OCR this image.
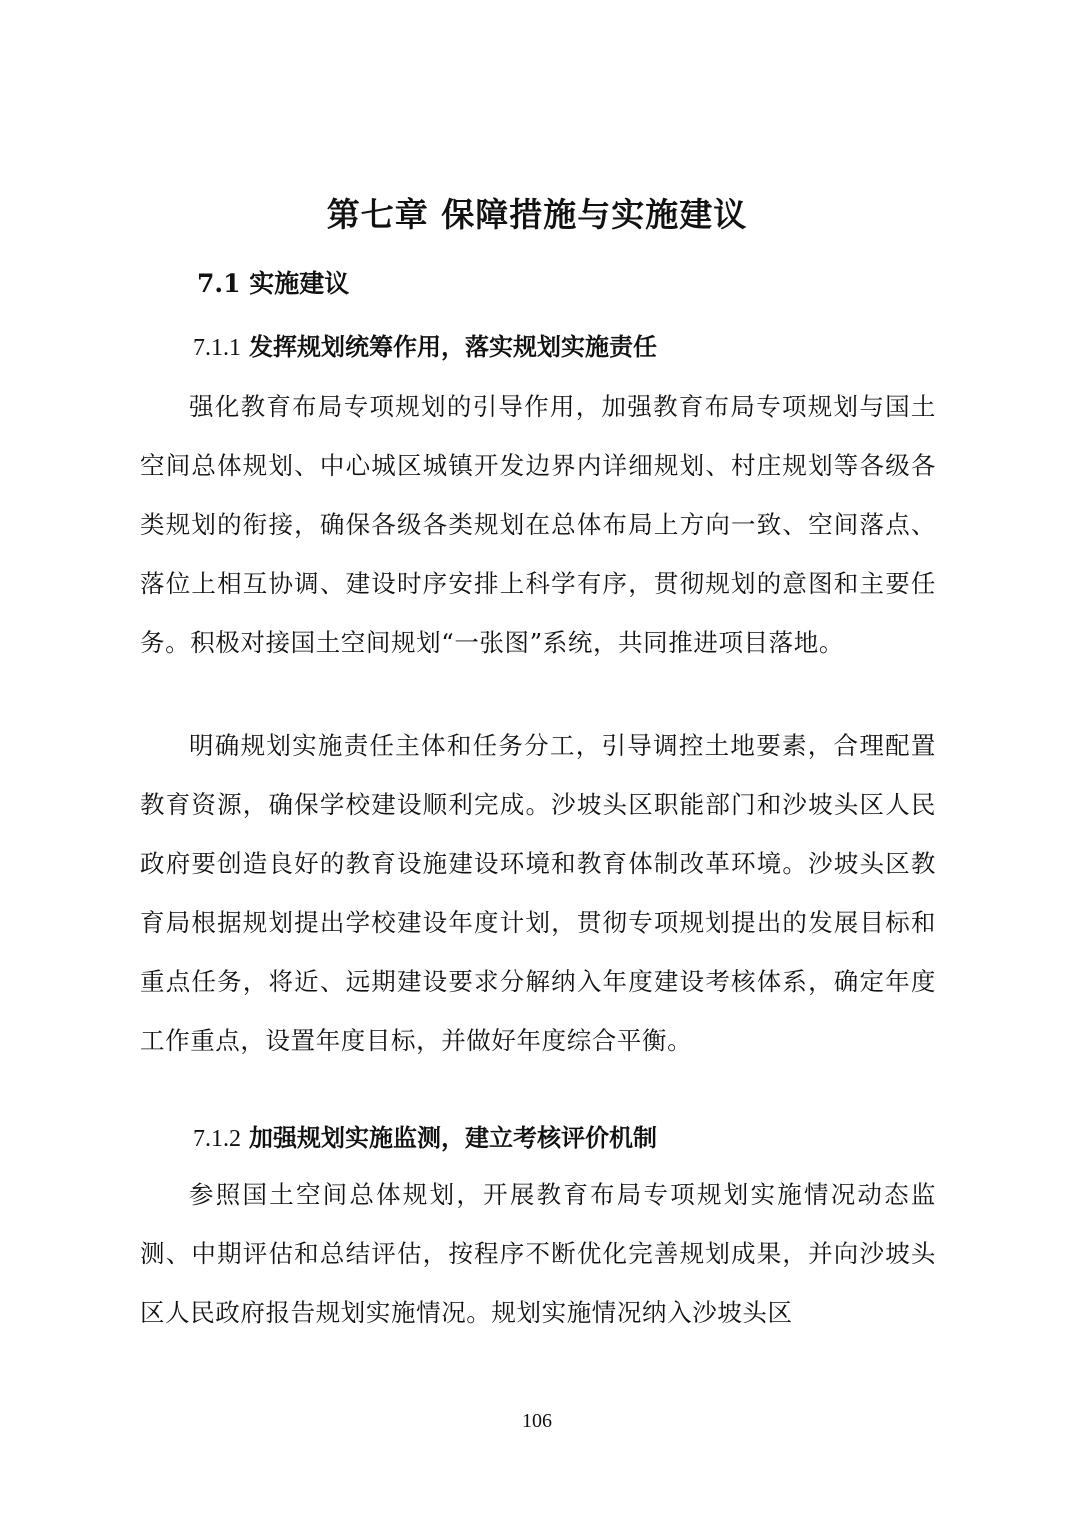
第七章 保障措施与实施建议
7.1 实施建议
7.1.1 发挥规划统筹作用，落实规划实施责任

强化教育布局专项规划的引导作用，加强教育布局专项规划与国土空间总体规划、中心城区城镇开发边界内详细规划、村庄规划等各级各类规划的衔接，确保各级各类规划在总体布局上方向一致、空间落点、落位上相互协调、建设时序安排上科学有序，贯彻规划的意图和主要任务。积极对接国土空间规划“一张图”系统，共同推进项目落地。

明确规划实施责任主体和任务分工，引导调控土地要素，合理配置教育资源，确保学校建设顺利完成。沙坡头区职能部门和沙坡头区人民政府要创造良好的教育设施建设环境和教育体制改革环境。沙坡头区教育局根据规划提出学校建设年度计划，贯彻专项规划提出的发展目标和重点任务，将近、远期建设要求分解纳入年度建设考核体系，确定年度工作重点，设置年度目标，并做好年度综合平衡。

7.1.2 加强规划实施监测，建立考核评价机制

参照国土空间总体规划，开展教育布局专项规划实施情况动态监测、中期评估和总结评估，按程序不断优化完善规划成果，并向沙坡头区人民政府报告规划实施情况。规划实施情况纳入沙坡头区

106
